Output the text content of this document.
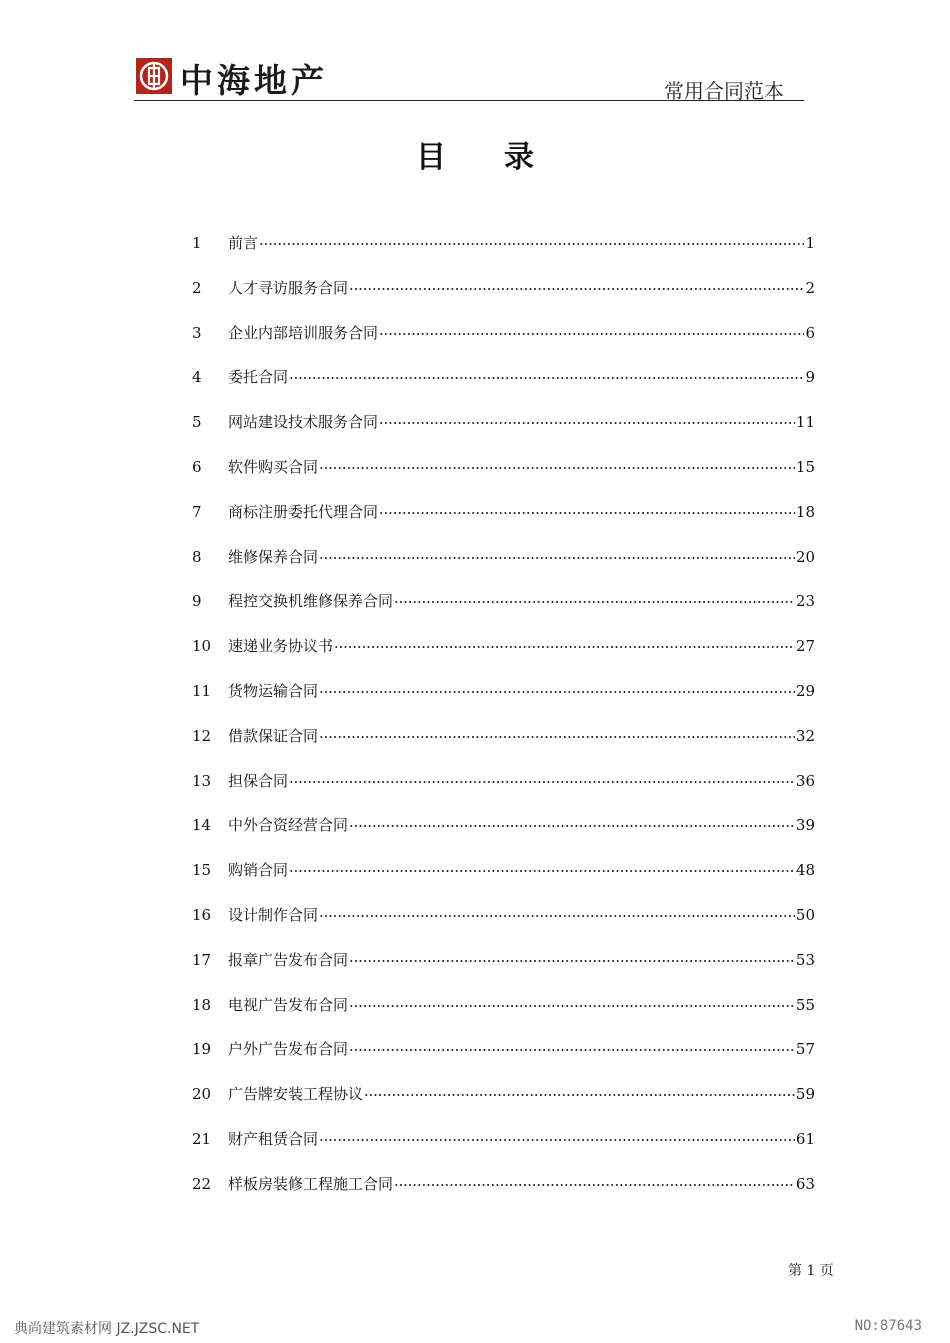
中海地产	常用合同范本
目录
1	前言	1
2	人才寻访服务合同	2
3	企业内部培训服务合同	6
4	委托合同	9
5	网站建设技术服务合同	11
6	软件购买合同	15
7	商标注册委托代理合同	18
8	维修保养合同	20
9	程控交换机维修保养合同	23
10	速递业务协议书	27
11	货物运输合同	29
12	借款保证合同	32
13	担保合同	36
14	中外合资经营合同	39
15	购销合同	48
16	设计制作合同	50
17	报章广告发布合同	53
18	电视广告发布合同	55
19	户外广告发布合同	57
20	广告牌安装工程协议	59
21	财产租赁合同	61
22	样板房装修工程施工合同	63
第 1 页
典尚建筑素材网 JZ.JZSC.NET	NO:87643
